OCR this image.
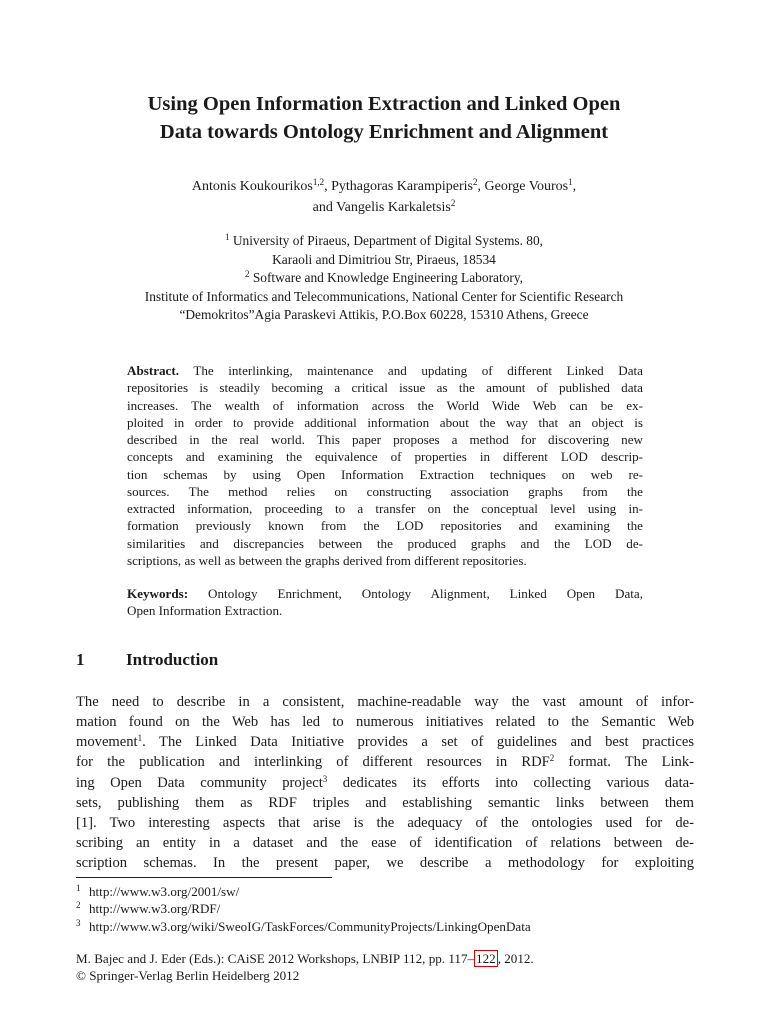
Using Open Information Extraction and Linked Open
Data towards Ontology Enrichment and Alignment
Antonis Koukourikos$^{1,2}$, Pythagoras Karampiperis$^2$, George Vouros$^1$,
and Vangelis Karkaletsis$^2$
$^1$ University of Piraeus, Department of Digital Systems. 80,
Karaoli and Dimitriou Str, Piraeus, 18534
$^2$ Software and Knowledge Engineering Laboratory,
Institute of Informatics and Telecommunications, National Center for Scientific Research
“Demokritos”Agia Paraskevi Attikis, P.O.Box 60228, 15310 Athens, Greece
Abstract. The interlinking, maintenance and updating of different Linked Data
repositories is steadily becoming a critical issue as the amount of published data
increases. The wealth of information across the World Wide Web can be ex-
ploited in order to provide additional information about the way that an object is
described in the real world. This paper proposes a method for discovering new
concepts and examining the equivalence of properties in different LOD descrip-
tion schemas by using Open Information Extraction techniques on web re-
sources. The method relies on constructing association graphs from the
extracted information, proceeding to a transfer on the conceptual level using in-
formation previously known from the LOD repositories and examining the
similarities and discrepancies between the produced graphs and the LOD de-
scriptions, as well as between the graphs derived from different repositories.
Keywords: Ontology Enrichment, Ontology Alignment, Linked Open Data,
Open Information Extraction.
1 Introduction
The need to describe in a consistent, machine-readable way the vast amount of infor-
mation found on the Web has led to numerous initiatives related to the Semantic Web
movement$^1$. The Linked Data Initiative provides a set of guidelines and best practices
for the publication and interlinking of different resources in RDF$^2$ format. The Link-
ing Open Data community project$^3$ dedicates its efforts into collecting various data-
sets, publishing them as RDF triples and establishing semantic links between them
[1]. Two interesting aspects that arise is the adequacy of the ontologies used for de-
scribing an entity in a dataset and the ease of identification of relations between de-
scription schemas. In the present paper, we describe a methodology for exploiting
1 http://www.w3.org/2001/sw/
2 http://www.w3.org/RDF/
3 http://www.w3.org/wiki/SweoIG/TaskForces/CommunityProjects/LinkingOpenData
M. Bajec and J. Eder (Eds.): CAiSE 2012 Workshops, LNBIP 112, pp. 117– 122 , 2012.
© Springer-Verlag Berlin Heidelberg 2012
